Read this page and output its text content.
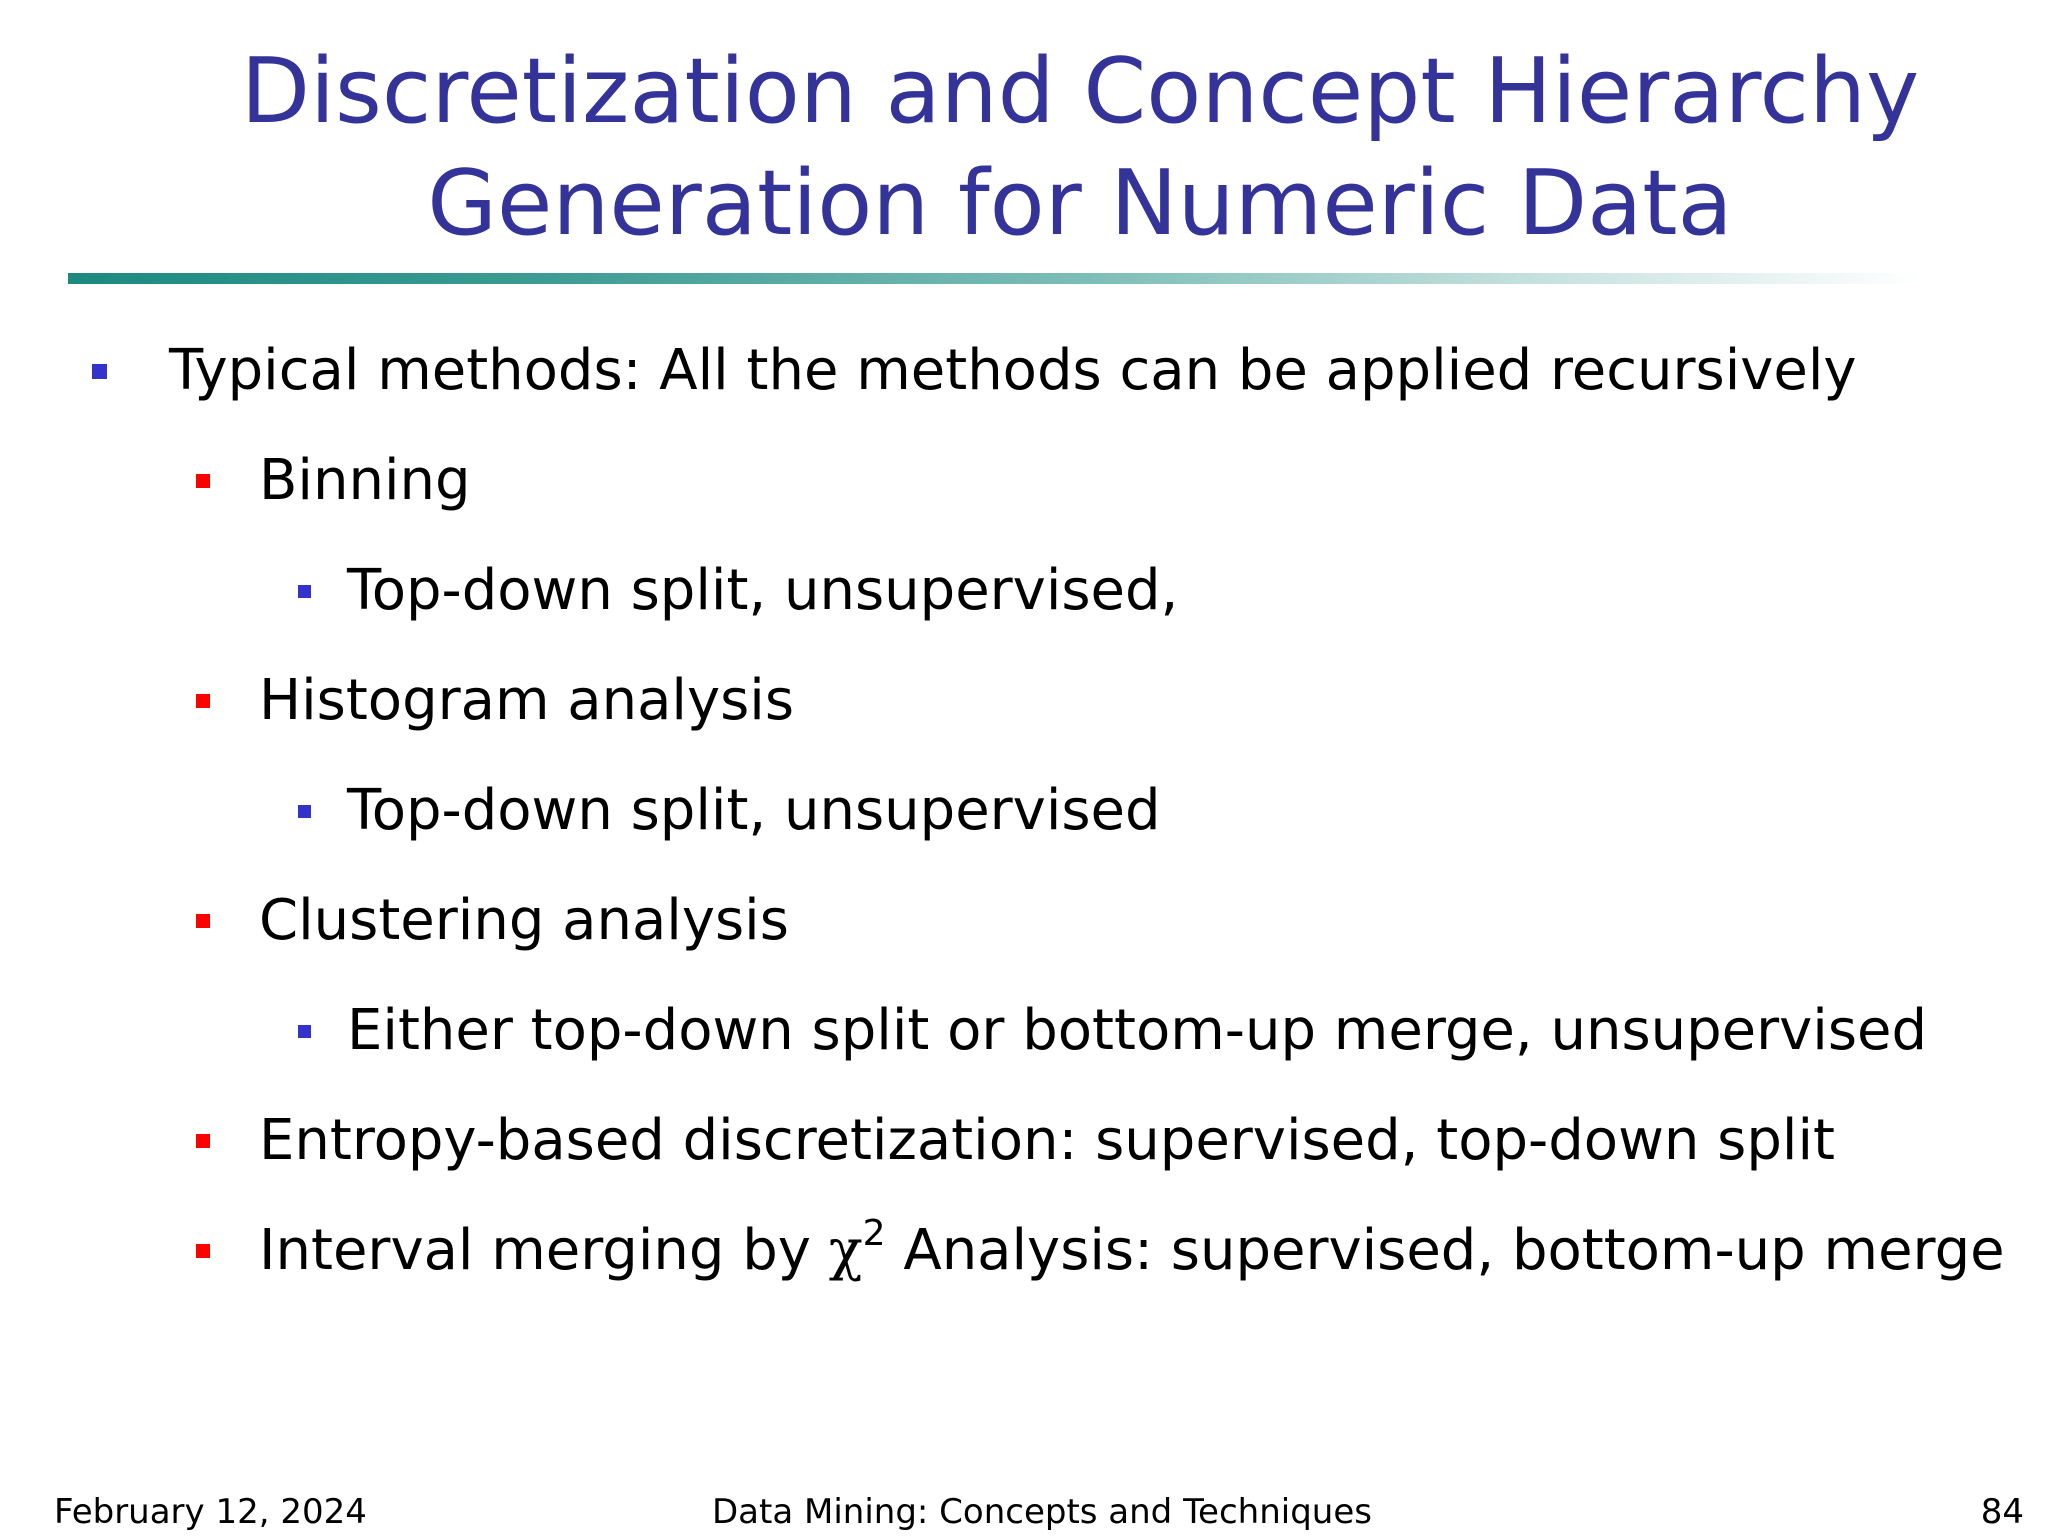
Discretization and Concept Hierarchy
Generation for Numeric Data
Typical methods: All the methods can be applied recursively
Binning
Top-down split, unsupervised,
Histogram analysis
Top-down split, unsupervised
Clustering analysis
Either top-down split or bottom-up merge, unsupervised
Entropy-based discretization: supervised, top-down split
Interval merging by $\chi^2$ Analysis: supervised, bottom-up merge
February 12, 2024	Data Mining: Concepts and Techniques	84
